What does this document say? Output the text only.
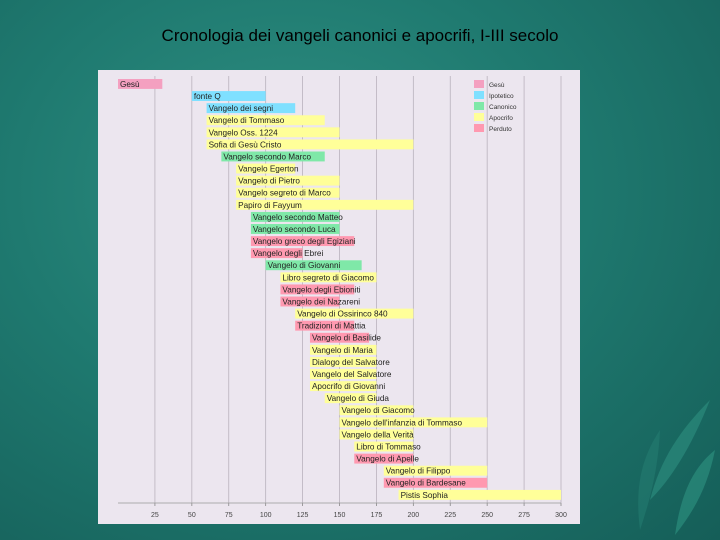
Cronologia dei vangeli canonici e apocrifi, I-III secolo
25	50	75	100	125	150	175	200	225	250	275	300
Gesù
fonte Q
Vangelo dei segni
Vangelo di Tommaso
Vangelo Oss. 1224
Sofia di Gesù Cristo
Vangelo secondo Marco
Vangelo Egerton
Vangelo di Pietro
Vangelo segreto di Marco
Papiro di Fayyum
Vangelo secondo Matteo
Vangelo secondo Luca
Vangelo greco degli Egiziani
Vangelo degli Ebrei
Vangelo di Giovanni
Libro segreto di Giacomo
Vangelo degli Ebioniti
Vangelo dei Nazareni
Vangelo di Ossirinco 840
Tradizioni di Mattia
Vangelo di Basilide
Vangelo di Maria
Dialogo del Salvatore
Vangelo del Salvatore
Apocrifo di Giovanni
Vangelo di Giuda
Vangelo di Giacomo
Vangelo dell'infanzia di Tommaso
Vangelo della Verità
Libro di Tommaso
Vangelo di Apelle
Vangelo di Filippo
Vangelo di Bardesane
Pistis Sophia
Gesù
Ipotetico
Canonico
Apocrifo
Perduto
